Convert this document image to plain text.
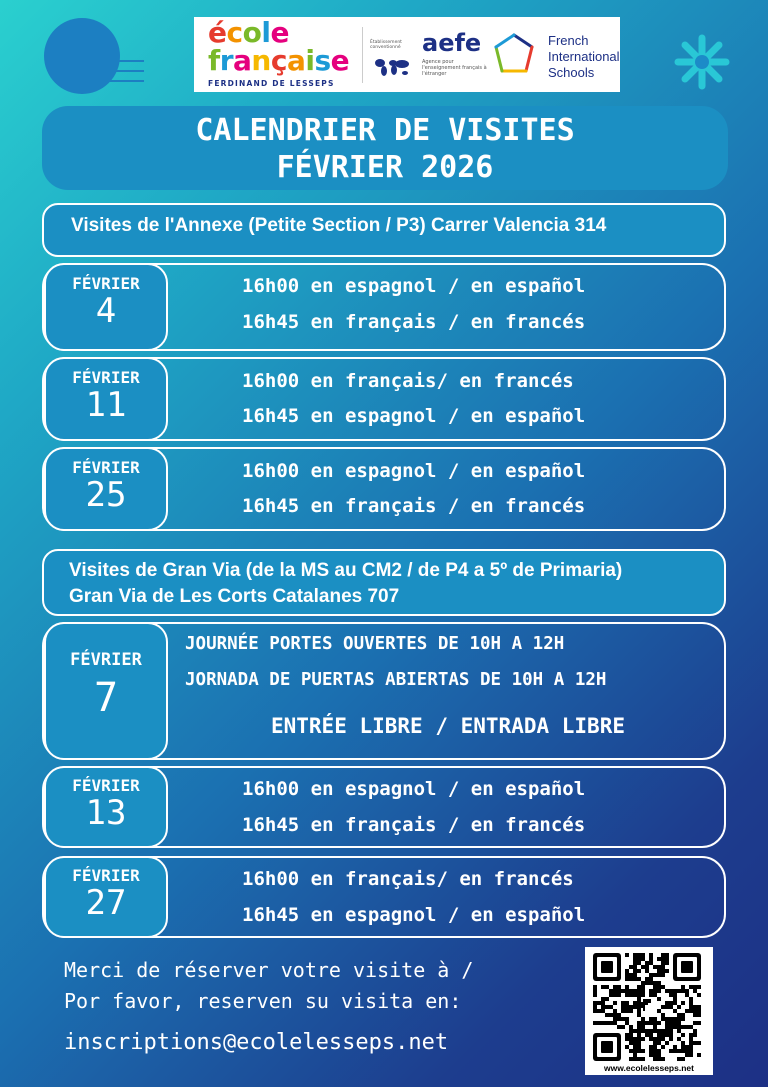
école
française
FERDINAND DE LESSEPS
Établissement conventionné aefe
Agence pour l'enseignement français à l'étranger
French
International
Schools
CALENDRIER DE VISITES
FÉVRIER 2026
Visites de l'Annexe (Petite Section / P3) Carrer Valencia 314
FÉVRIER
4
16h00 en espagnol / en español
16h45 en français / en francés
FÉVRIER
11
16h00 en français/ en francés
16h45 en espagnol / en español
FÉVRIER
25
16h00 en espagnol / en español
16h45 en français / en francés
Visites de Gran Via (de la MS au CM2 / de P4 a 5º de Primaria)
Gran Via de Les Corts Catalanes 707
FÉVRIER
7
JOURNÉE PORTES OUVERTES DE 10H A 12H
JORNADA DE PUERTAS ABIERTAS DE 10H A 12H
ENTRÉE LIBRE / ENTRADA LIBRE
FÉVRIER
13
16h00 en espagnol / en español
16h45 en français / en francés
FÉVRIER
27
16h00 en français/ en francés
16h45 en espagnol / en español
Merci de réserver votre visite à /
Por favor, reserven su visita en:
inscriptions@ecolelesseps.net
www.ecolelesseps.net
